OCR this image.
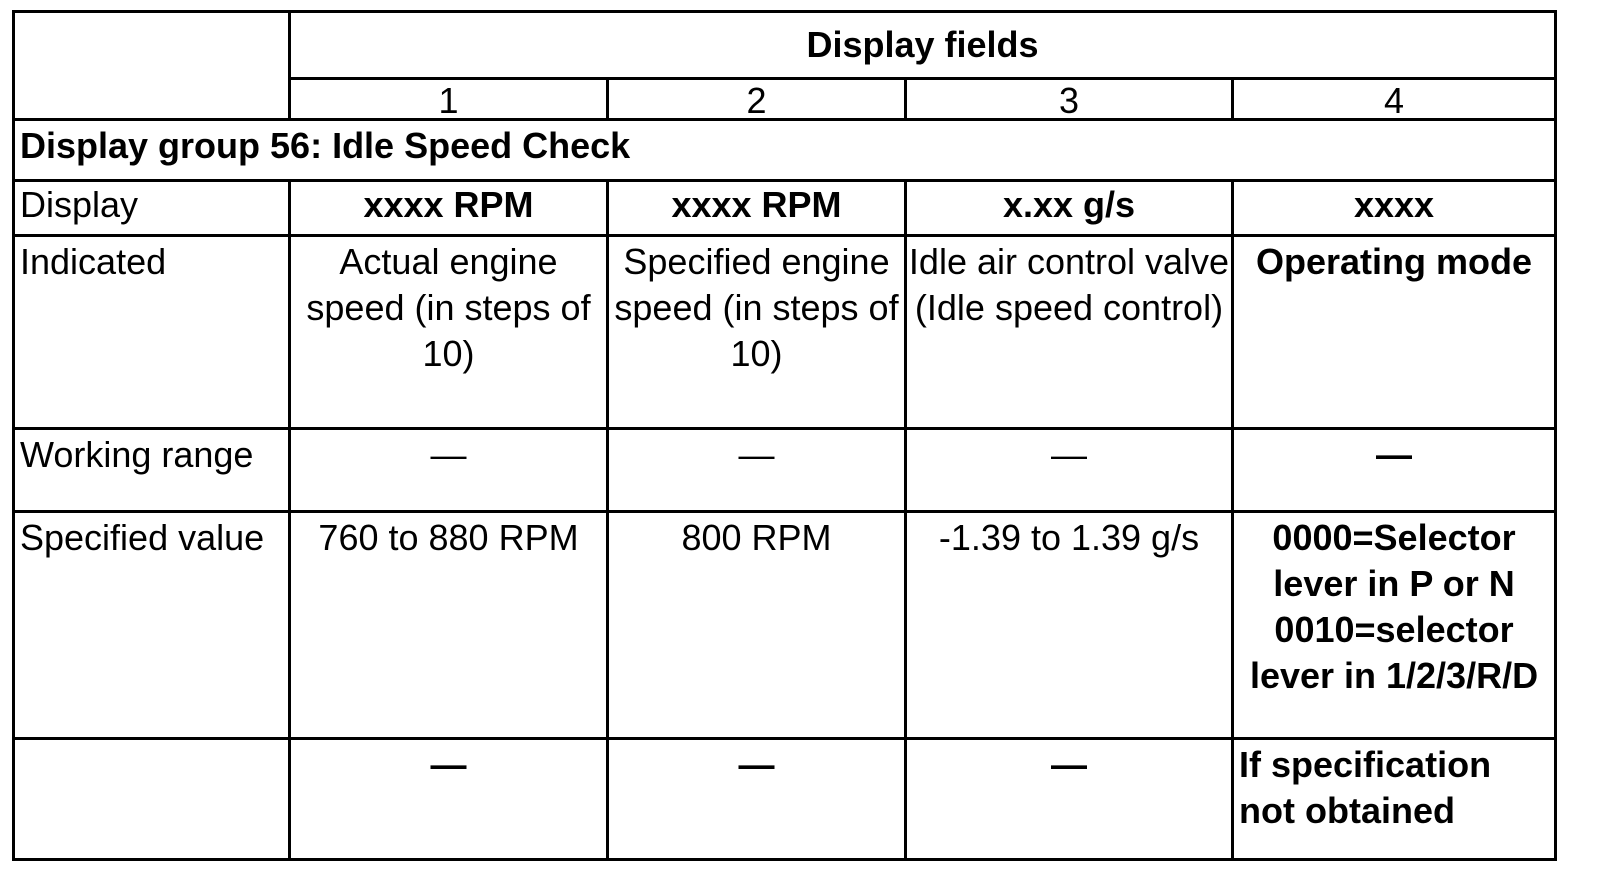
	Display fields			
	1	2	3	4
Display group 56: Idle Speed Check				
Display	xxxx RPM	xxxx RPM	x.xx g/s	xxxx
Indicated	Actual engine speed (in steps of 10)	Specified engine speed (in steps of 10)	Idle air control valve (Idle speed control)	Operating mode
Working range	—	—	—	—
Specified value	760 to 880 RPM	800 RPM	-1.39 to 1.39 g/s	0000=Selector lever in P or N 0010=selector lever in 1/2/3/R/D
	—	—	—	If specification not obtained
